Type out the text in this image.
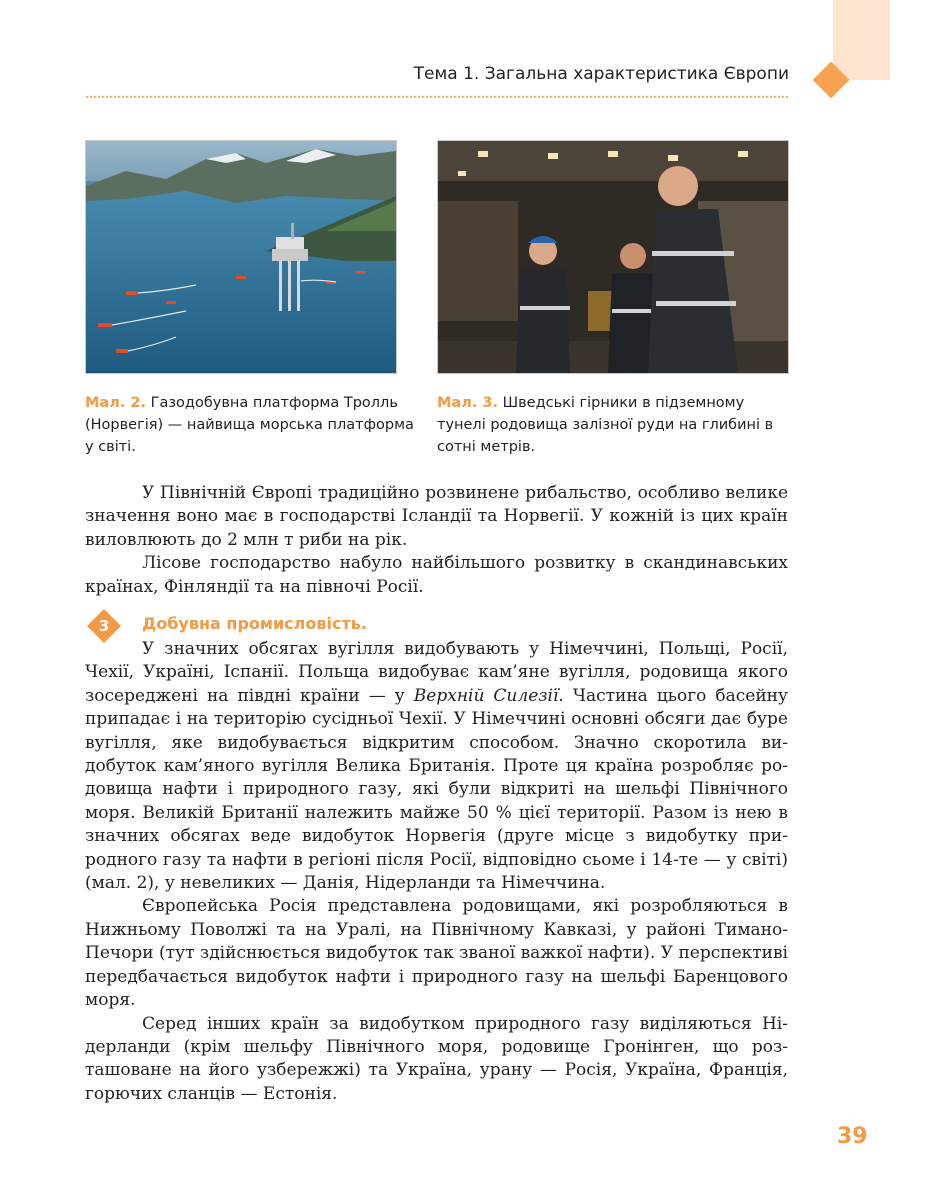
Тема 1. Загальна характеристика Європи
Мал. 2. Газодобувна платформа Тролль (Норвегія) — найвища морська платформа у світі.
Мал. 3. Шведські гірники в підземному тунелі родовища залізної руди на глибині в сотні метрів.

У Північній Європі традиційно розвинене рибальство, особливо велике значення воно має в господарстві Ісландії та Норвегії. У кожній із цих країн виловлюють до 2 млн т риби на рік.

Лісове господарство набуло найбільшого розвитку в скандинавських країнах, Фінляндії та на півночі Росії.

3	Добувна промисловість.

У значних обсягах вугілля видобувають у Німеччині, Польщі, Росії, Чехії, Україні, Іспанії. Польща видобуває кам’яне вугілля, родовища якого зосереджені на півдні країни — у Верхній Силезії. Частина цього басейну припадає і на територію сусідньої Чехії. У Німеччині основні обсяги дає буре вугілля, яке видобувається відкритим способом. Значно скоротила видобуток кам’яного вугілля Велика Британія. Проте ця країна розробляє родовища нафти і природного газу, які були відкриті на шельфі Північного моря. Великій Британії належить майже 50 % цієї території. Разом із нею в значних обсягах веде видобуток Норвегія (друге місце з видобутку природного газу та нафти в регіоні після Росії, відповідно сьоме і 14-те — у світі) (мал. 2), у невеликих — Данія, Нідерланди та Німеччина.

Європейська Росія представлена родовищами, які розробляються в Нижньому Поволжі та на Уралі, на Північному Кавказі, у районі Тимано-Печори (тут здійснюється видобуток так званої важкої нафти). У перспективі передбачається видобуток нафти і природного газу на шельфі Баренцового моря.

Серед інших країн за видобутком природного газу виділяються Нідерланди (крім шельфу Північного моря, родовище Гронінген, що розташоване на його узбережжі) та Україна, урану — Росія, Україна, Франція, горючих сланців — Естонія.

39
